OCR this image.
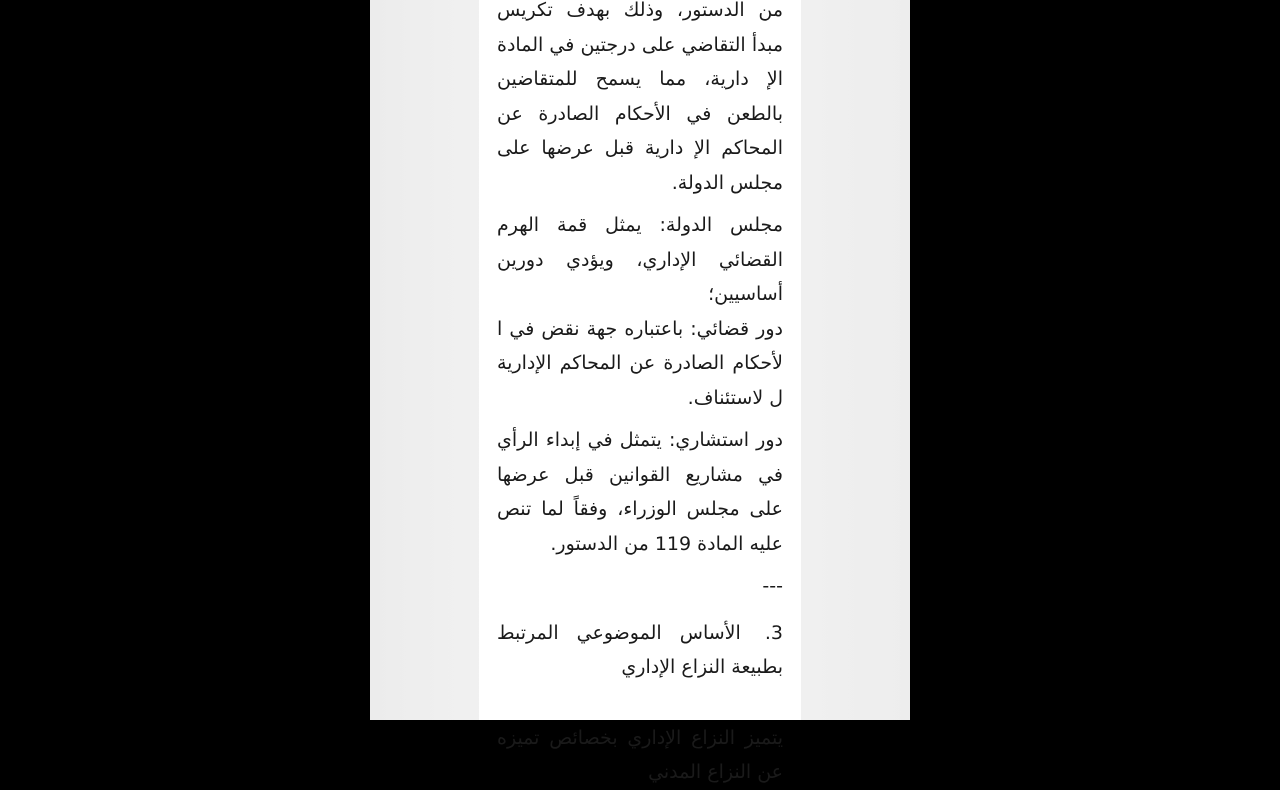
من الدستور، وذلك بهدف تكريس مبدأ التقاضي على درجتين في المادة الإ دارية، مما يسمح للمتقاضين بالطعن في الأحكام الصادرة عن المحاكم الإ دارية قبل عرضها على مجلس الدولة.

مجلس الدولة: يمثل قمة الهرم القضائي الإداري، ويؤدي دورين أساسيين؛

دور قضائي: باعتباره جهة نقض في ا لأحكام الصادرة عن المحاكم الإدارية ل لاستئناف.

دور استشاري: يتمثل في إبداء الرأي في مشاريع القوانين قبل عرضها على مجلس الوزراء، وفقاً لما تنص عليه المادة 119 من الدستور.

---

3. الأساس الموضوعي المرتبط بطبيعة النزاع الإداري

يتميز النزاع الإداري بخصائص تميزه عن النزاع المدني
